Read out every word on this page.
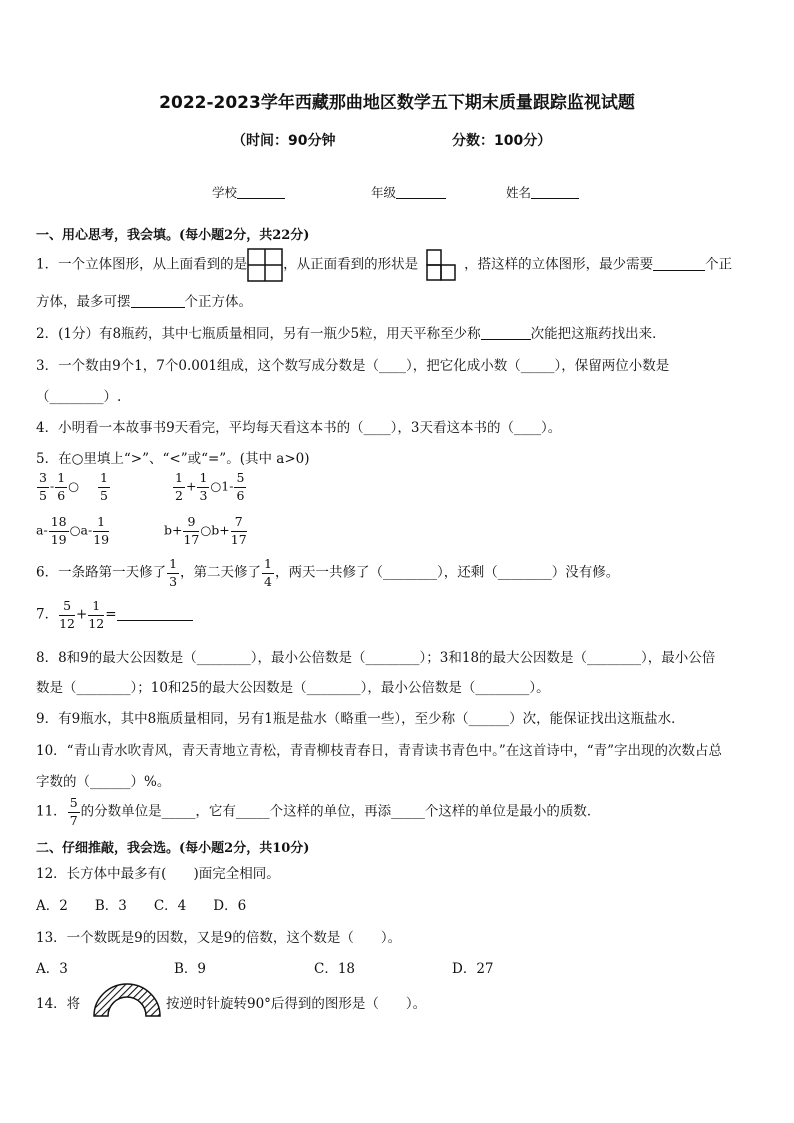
2022-2023学年西藏那曲地区数学五下期末质量跟踪监视试题
（时间：90分钟	分数：100分）
学校	年级	姓名
一、用心思考，我会填。(每小题2分，共22分)
1．一个立体图形，从上面看到的是	，从正面看到的形状是	，搭这样的立体图形，最少需要	个正
方体，最多可摆	个正方体。
2．(1分）有8瓶药，其中七瓶质量相同，另有一瓶少5粒，用天平称至少称	次能把这瓶药找出来．
3．一个数由9个1，7个0.001组成，这个数写成分数是（____），把它化成小数（_____），保留两位小数是
（________）.
4．小明看一本故事书9天看完，平均每天看这本书的（____），3天看这本书的（____）。
5．在○里填上“>”、“<”或“=”。(其中 a>0)
$\frac{3}{5} - \frac{1}{6}$ ○ $\frac{1}{5}$	$\frac{1}{2} + \frac{1}{3}$ ○1- $\frac{5}{6}$
$a- \frac{18}{19}$ ○a- $\frac{1}{19}$	$b+ \frac{9}{17}$ ○b+ $\frac{7}{17}$
6．一条路第一天修了 $\frac{1}{3}$ ，第二天修了 $\frac{1}{4}$ ，两天一共修了（________），还剩（________）没有修。
7． $\frac{5}{12} + \frac{1}{12}$ =
8．8和9的最大公因数是（________），最小公倍数是（________）；3和18的最大公因数是（________），最小公倍
数是（________）；10和25的最大公因数是（________），最小公倍数是（________）。
9．有9瓶水，其中8瓶质量相同，另有1瓶是盐水（略重一些），至少称（______）次，能保证找出这瓶盐水．
10．“青山青水吹青风，青天青地立青松，青青柳枝青春日，青青读书青色中。”在这首诗中，“青”字出现的次数占总
字数的（______）%。
11． $\frac{5}{7}$ 的分数单位是_____，它有_____个这样的单位，再添_____个这样的单位是最小的质数．
二、仔细推敲，我会选。(每小题2分，共10分)
12．长方体中最多有(　　)面完全相同。
A．2　　B．3　　C．4　　D．6
13．一个数既是9的因数，又是9的倍数，这个数是（　　）。
A．3	B．9	C．18	D．27
14．将	按逆时针旋转90°后得到的图形是（　　）。
